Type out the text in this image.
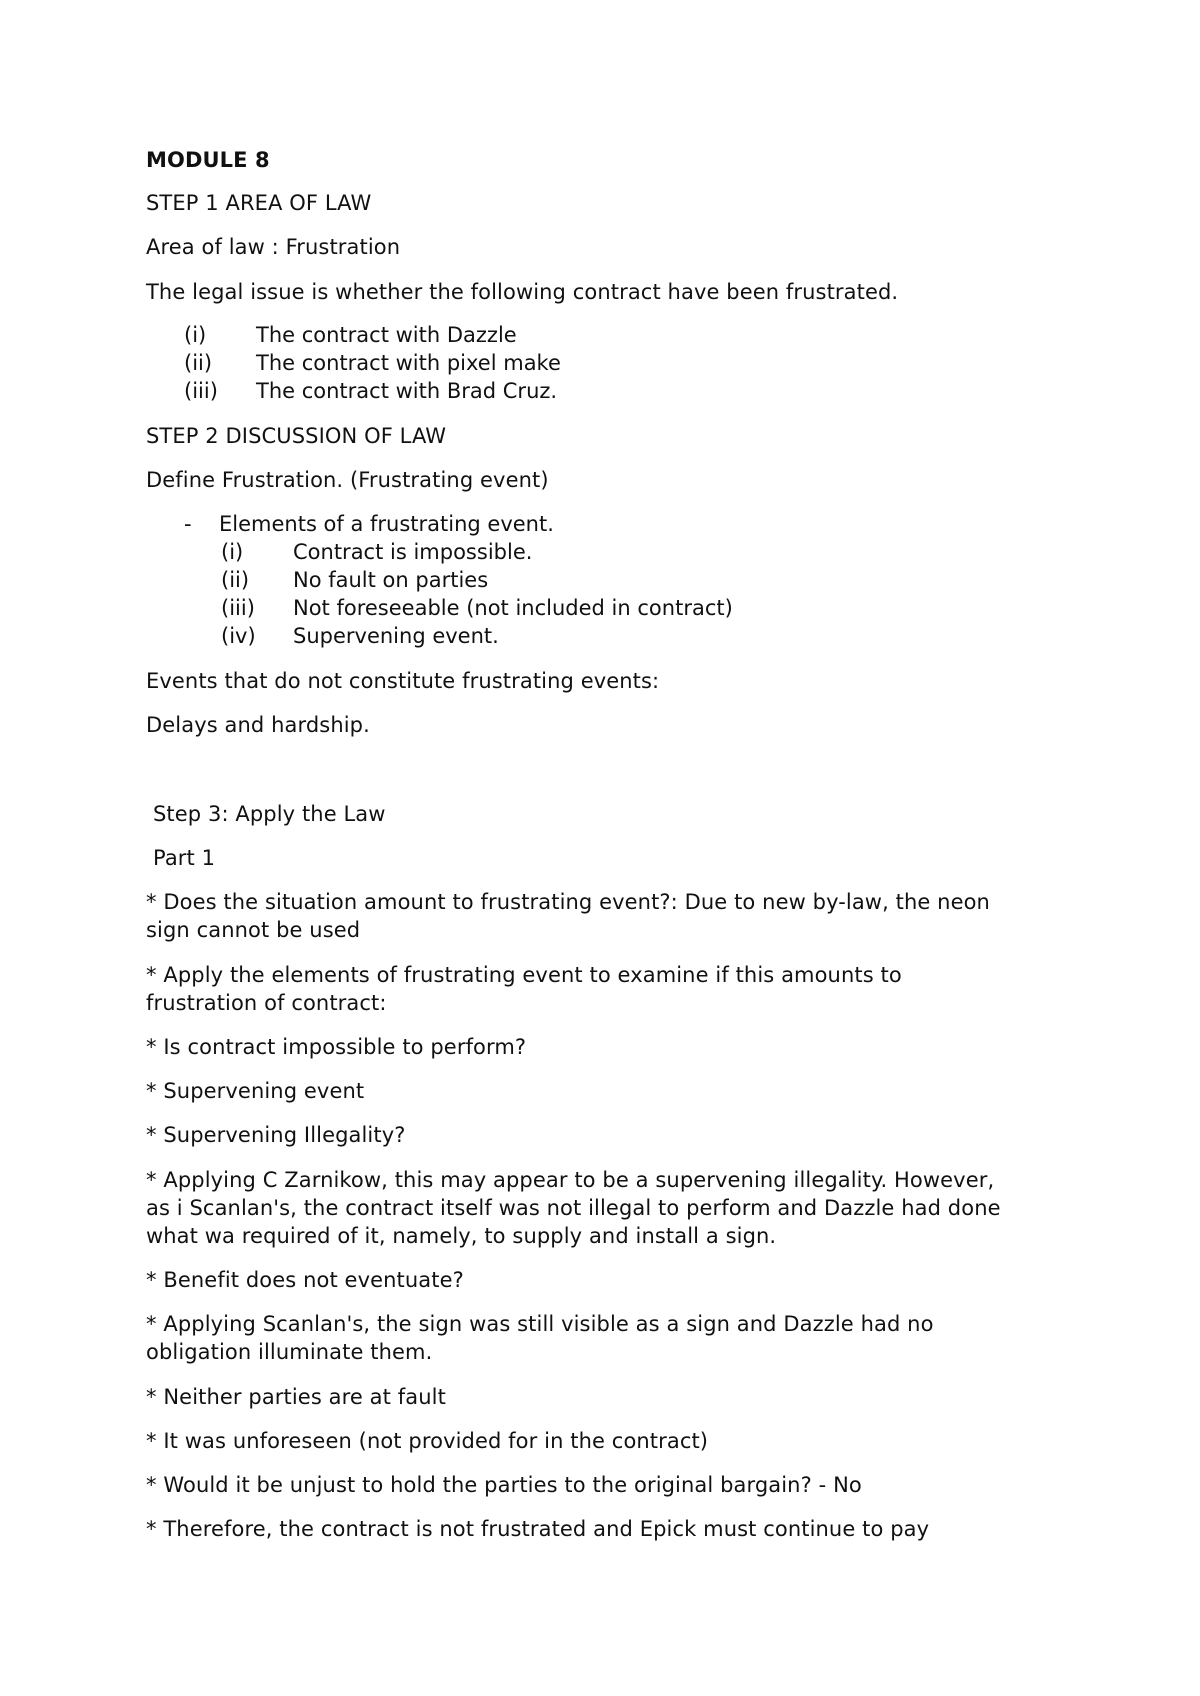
MODULE 8
STEP 1 AREA OF LAW
Area of law : Frustration
The legal issue is whether the following contract have been frustrated.
(i) The contract with Dazzle
(ii) The contract with pixel make
(iii) The contract with Brad Cruz.
STEP 2 DISCUSSION OF LAW
Define Frustration. (Frustrating event)
- Elements of a frustrating event.
(i) Contract is impossible.
(ii) No fault on parties
(iii) Not foreseeable (not included in contract)
(iv) Supervening event.
Events that do not constitute frustrating events:
Delays and hardship.
Step 3: Apply the Law
Part 1
* Does the situation amount to frustrating event?: Due to new by-law, the neon
sign cannot be used
* Apply the elements of frustrating event to examine if this amounts to
frustration of contract:
* Is contract impossible to perform?
* Supervening event
* Supervening Illegality?
* Applying C Zarnikow, this may appear to be a supervening illegality. However,
as i Scanlan's, the contract itself was not illegal to perform and Dazzle had done
what wa required of it, namely, to supply and install a sign.
* Benefit does not eventuate?
* Applying Scanlan's, the sign was still visible as a sign and Dazzle had no
obligation illuminate them.
* Neither parties are at fault
* It was unforeseen (not provided for in the contract)
* Would it be unjust to hold the parties to the original bargain? - No
* Therefore, the contract is not frustrated and Epick must continue to pay
